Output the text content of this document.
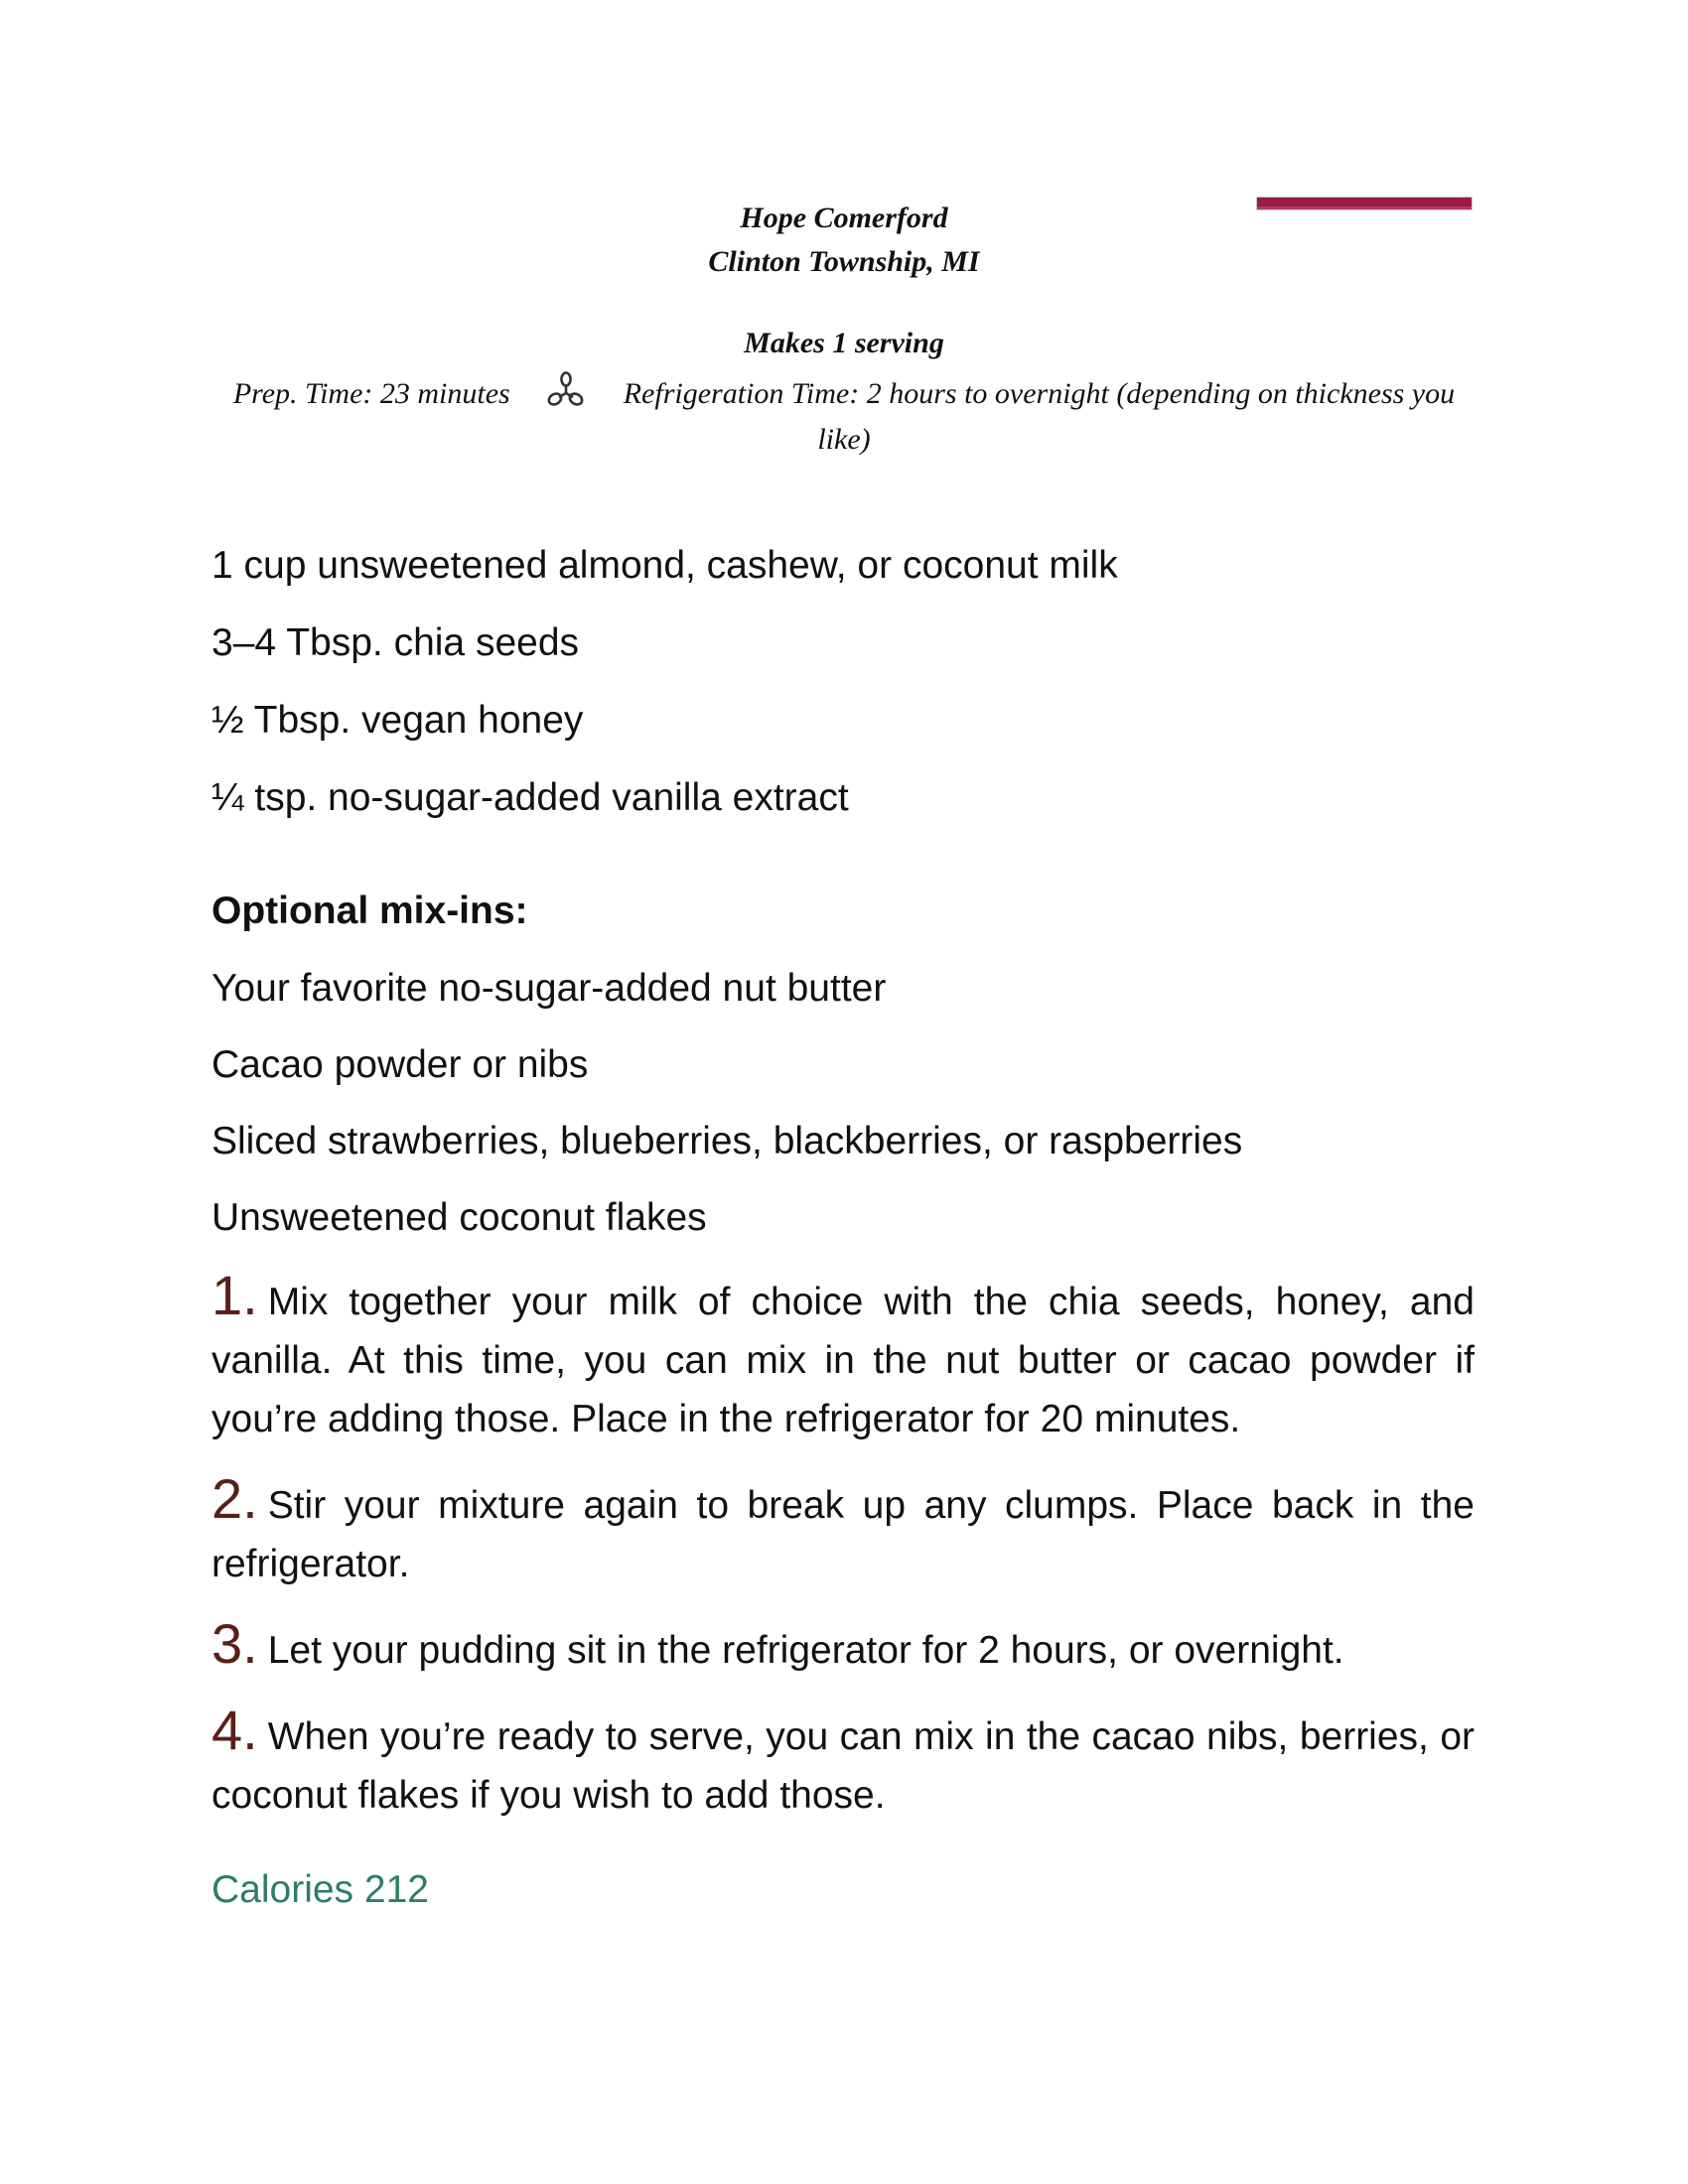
Hope Comerford
Clinton Township, MI
Makes 1 serving
Prep. Time: 23 minutes	Refrigeration Time: 2 hours to overnight (depending on thickness you like)
1 cup unsweetened almond, cashew, or coconut milk
3–4 Tbsp. chia seeds
½ Tbsp. vegan honey
¼ tsp. no-sugar-added vanilla extract
Optional mix-ins:
Your favorite no-sugar-added nut butter
Cacao powder or nibs
Sliced strawberries, blueberries, blackberries, or raspberries
Unsweetened coconut flakes
1. Mix together your milk of choice with the chia seeds, honey, and vanilla. At this time, you can mix in the nut butter or cacao powder if you’re adding those. Place in the refrigerator for 20 minutes.
2. Stir your mixture again to break up any clumps. Place back in the refrigerator.
3. Let your pudding sit in the refrigerator for 2 hours, or overnight.
4. When you’re ready to serve, you can mix in the cacao nibs, berries, or coconut flakes if you wish to add those.
Calories 212
